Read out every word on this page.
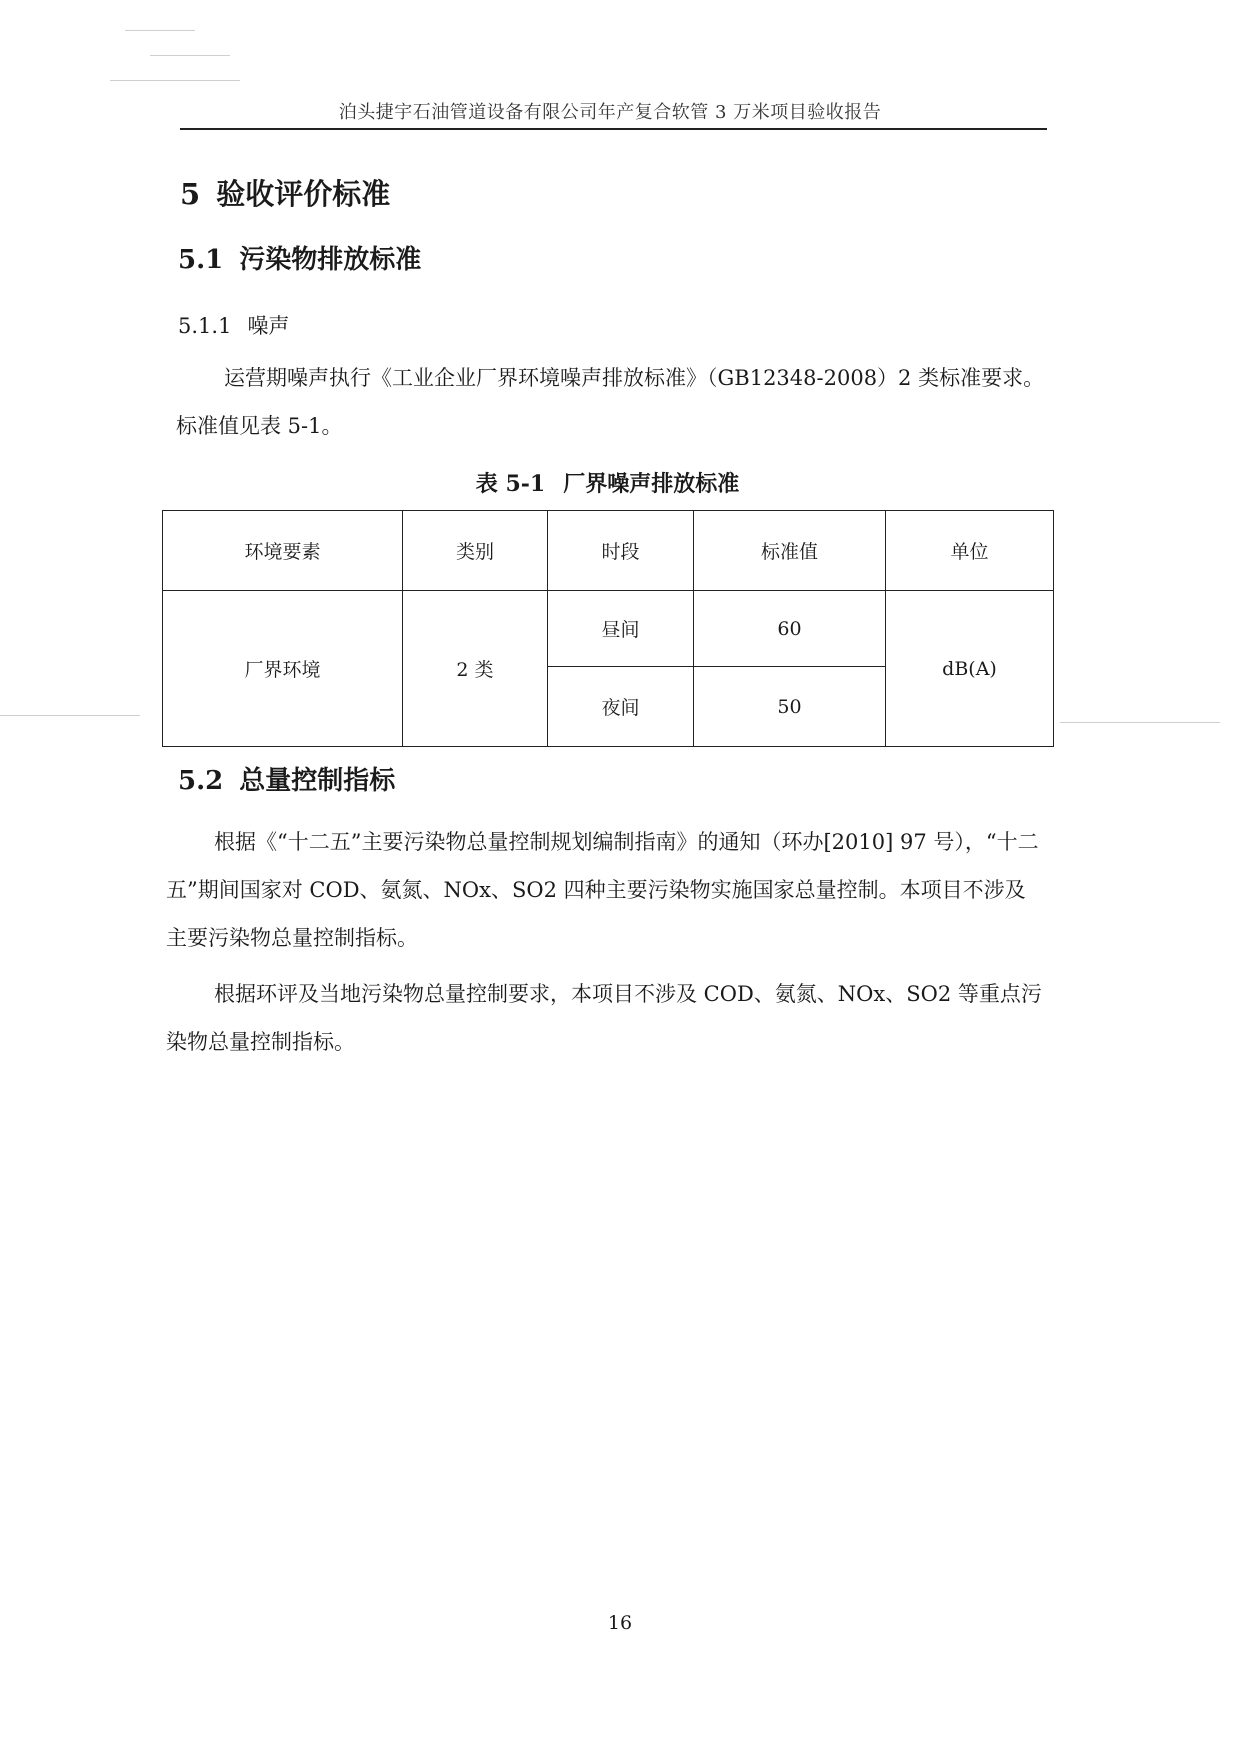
泊头捷宇石油管道设备有限公司年产复合软管 3 万米项目验收报告
5 验收评价标准
5.1 污染物排放标准
5.1.1 噪声
运营期噪声执行《工业企业厂界环境噪声排放标准》（GB12348-2008）2 类标准要求。标准值见表 5-1。
表 5-1 厂界噪声排放标准
环境要素	类别	时段	标准值	单位
厂界环境	2 类	昼间	60	dB(A)
		夜间	50	
5.2 总量控制指标
根据《“十二五”主要污染物总量控制规划编制指南》的通知（环办[2010] 97 号），“十二五”期间国家对 COD、氨氮、NOx、SO2 四种主要污染物实施国家总量控制。本项目不涉及主要污染物总量控制指标。
根据环评及当地污染物总量控制要求，本项目不涉及 COD、氨氮、NOx、SO2 等重点污染物总量控制指标。
16
